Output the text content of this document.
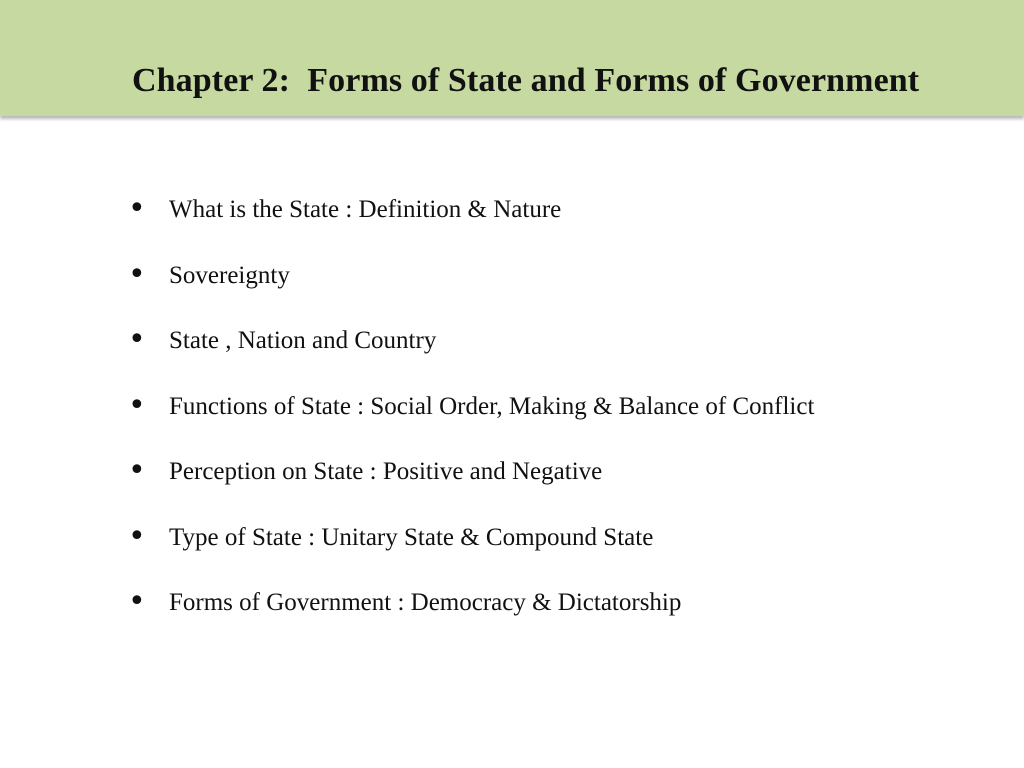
Chapter 2:  Forms of State and Forms of Government
• What is the State : Definition & Nature
• Sovereignty
• State , Nation and Country
• Functions of State : Social Order, Making & Balance of Conflict
• Perception on State : Positive and Negative
• Type of State : Unitary State & Compound State
• Forms of Government : Democracy & Dictatorship
